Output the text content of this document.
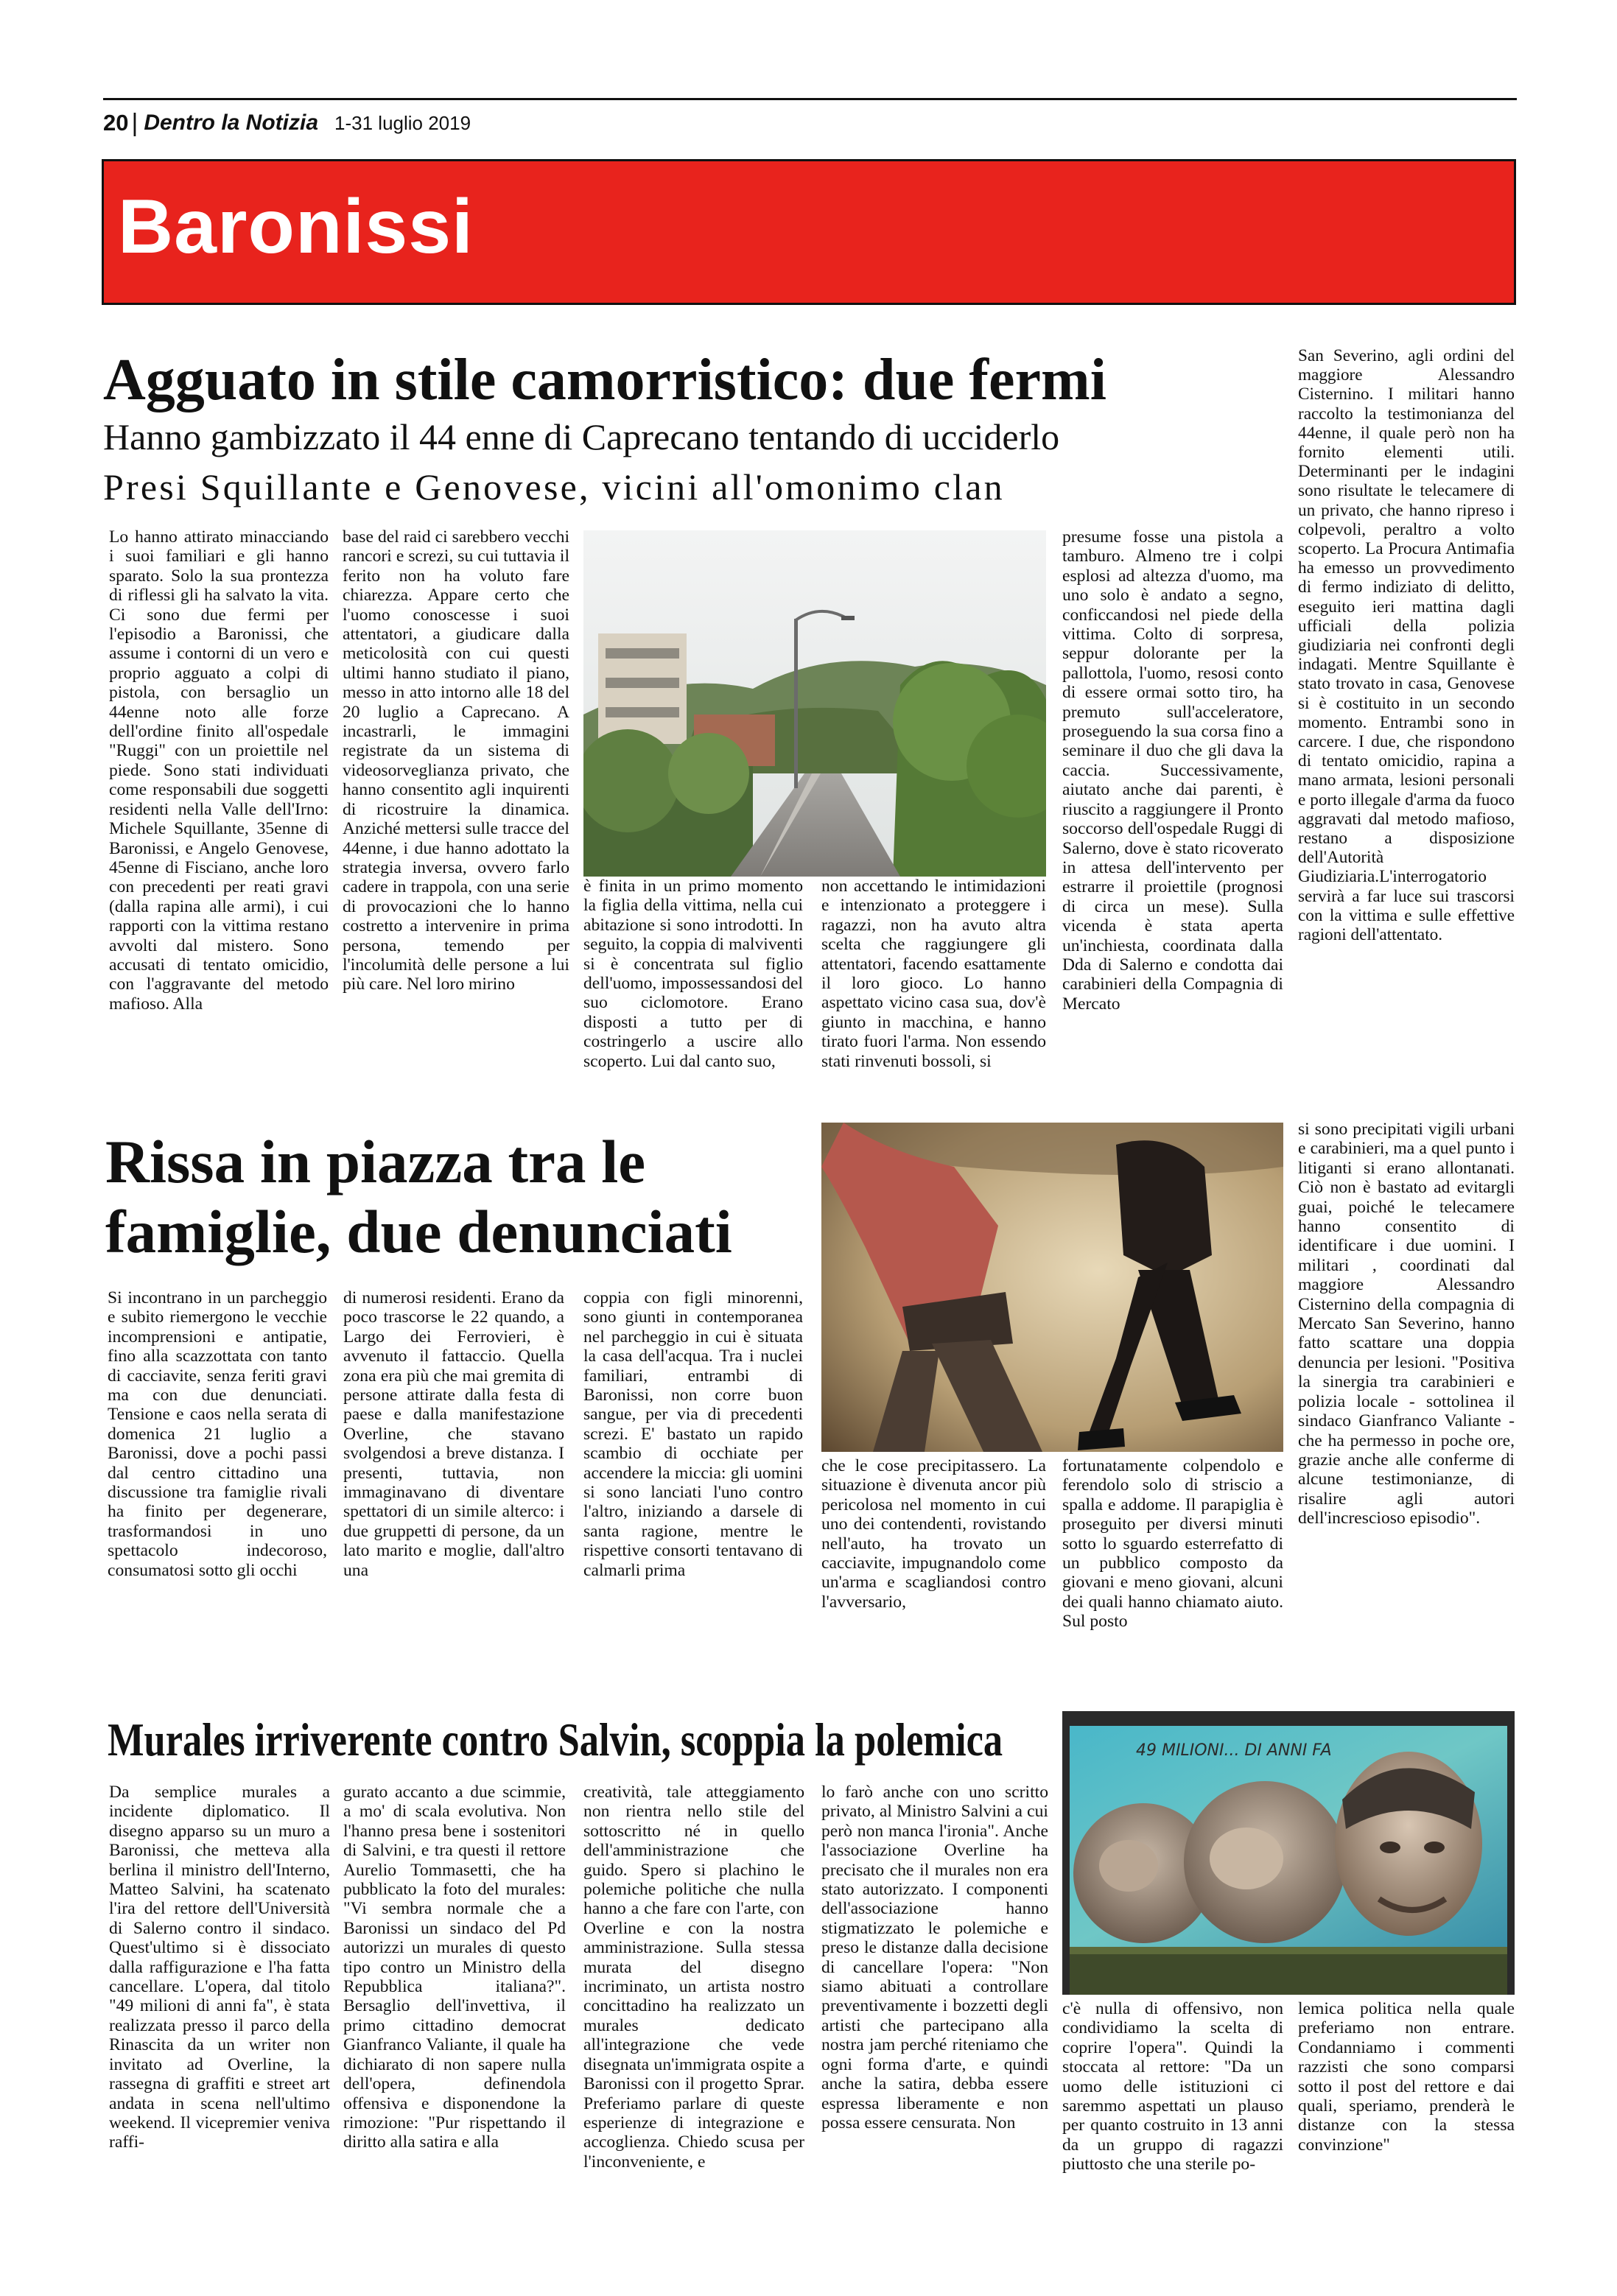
20 | Dentro la Notizia 1-31 luglio 2019
Baronissi
Agguato in stile camorristico: due fermi
Hanno gambizzato il 44 enne di Caprecano tentando di ucciderlo
Presi Squillante e Genovese, vicini all'omonimo clan
Lo hanno attirato minacciando i suoi familiari e gli hanno sparato. Solo la sua prontezza di riflessi gli ha salvato la vita. Ci sono due fermi per l'episodio a Baronissi, che assume i contorni di un vero e proprio agguato a colpi di pistola, con bersaglio un 44enne noto alle forze dell'ordine finito all'ospedale "Ruggi" con un proiettile nel piede. Sono stati individuati come responsabili due soggetti residenti nella Valle dell'Irno: Michele Squillante, 35enne di Baronissi, e Angelo Genovese, 45enne di Fisciano, anche loro con precedenti per reati gravi (dalla rapina alle armi), i cui rapporti con la vittima restano avvolti dal mistero. Sono accusati di tentato omicidio, con l'aggravante del metodo mafioso. Alla
base del raid ci sarebbero vecchi rancori e screzi, su cui tuttavia il ferito non ha voluto fare chiarezza. Appare certo che l'uomo conoscesse i suoi attentatori, a giudicare dalla meticolosità con cui questi ultimi hanno studiato il piano, messo in atto intorno alle 18 del 20 luglio a Caprecano. A incastrarli, le immagini registrate da un sistema di videosorveglianza privato, che hanno consentito agli inquirenti di ricostruire la dinamica. Anziché mettersi sulle tracce del 44enne, i due hanno adottato la strategia inversa, ovvero farlo cadere in trappola, con una serie di provocazioni che lo hanno costretto a intervenire in prima persona, temendo per l'incolumità delle persone a lui più care. Nel loro mirino
è finita in un primo momento la figlia della vittima, nella cui abitazione si sono introdotti. In seguito, la coppia di malviventi si è concentrata sul figlio dell'uomo, impossessandosi del suo ciclomotore. Erano disposti a tutto per di costringerlo a uscire allo scoperto. Lui dal canto suo,
non accettando le intimidazioni e intenzionato a proteggere i ragazzi, non ha avuto altra scelta che raggiungere gli attentatori, facendo esattamente il loro gioco. Lo hanno aspettato vicino casa sua, dov'è giunto in macchina, e hanno tirato fuori l'arma. Non essendo stati rinvenuti bossoli, si
presume fosse una pistola a tamburo. Almeno tre i colpi esplosi ad altezza d'uomo, ma uno solo è andato a segno, conficcandosi nel piede della vittima. Colto di sorpresa, seppur dolorante per la pallottola, l'uomo, resosi conto di essere ormai sotto tiro, ha premuto sull'acceleratore, proseguendo la sua corsa fino a seminare il duo che gli dava la caccia. Successivamente, aiutato anche dai parenti, è riuscito a raggiungere il Pronto soccorso dell'ospedale Ruggi di Salerno, dove è stato ricoverato in attesa dell'intervento per estrarre il proiettile (prognosi di circa un mese). Sulla vicenda è stata aperta un'inchiesta, coordinata dalla Dda di Salerno e condotta dai carabinieri della Compagnia di Mercato
San Severino, agli ordini del maggiore Alessandro Cisternino. I militari hanno raccolto la testimonianza del 44enne, il quale però non ha fornito elementi utili. Determinanti per le indagini sono risultate le telecamere di un privato, che hanno ripreso i colpevoli, peraltro a volto scoperto. La Procura Antimafia ha emesso un provvedimento di fermo indiziato di delitto, eseguito ieri mattina dagli ufficiali della polizia giudiziaria nei confronti degli indagati. Mentre Squillante è stato trovato in casa, Genovese si è costituito in un secondo momento. Entrambi sono in carcere. I due, che rispondono di tentato omicidio, rapina a mano armata, lesioni personali e porto illegale d'arma da fuoco aggravati dal metodo mafioso, restano a disposizione dell'Autorità Giudiziaria.L'interrogatorio servirà a far luce sui trascorsi con la vittima e sulle effettive ragioni dell'attentato.
Rissa in piazza tra le famiglie, due denunciati
Si incontrano in un parcheggio e subito riemergono le vecchie incomprensioni e antipatie, fino alla scazzottata con tanto di cacciavite, senza feriti gravi ma con due denunciati. Tensione e caos nella serata di domenica 21 luglio a Baronissi, dove a pochi passi dal centro cittadino una discussione tra famiglie rivali ha finito per degenerare, trasformandosi in uno spettacolo indecoroso, consumatosi sotto gli occhi
di numerosi residenti. Erano da poco trascorse le 22 quando, a Largo dei Ferrovieri, è avvenuto il fattaccio. Quella zona era più che mai gremita di persone attirate dalla festa di paese e dalla manifestazione Overline, che stavano svolgendosi a breve distanza. I presenti, tuttavia, non immaginavano di diventare spettatori di un simile alterco: i due gruppetti di persone, da un lato marito e moglie, dall'altro una
coppia con figli minorenni, sono giunti in contemporanea nel parcheggio in cui è situata la casa dell'acqua. Tra i nuclei familiari, entrambi di Baronissi, non corre buon sangue, per via di precedenti screzi. E' bastato un rapido scambio di occhiate per accendere la miccia: gli uomini si sono lanciati l'uno contro l'altro, iniziando a darsele di santa ragione, mentre le rispettive consorti tentavano di calmarli prima
che le cose precipitassero. La situazione è divenuta ancor più pericolosa nel momento in cui uno dei contendenti, rovistando nell'auto, ha trovato un cacciavite, impugnandolo come un'arma e scagliandosi contro l'avversario,
fortunatamente colpendolo e ferendolo solo di striscio a spalla e addome. Il parapiglia è proseguito per diversi minuti sotto lo sguardo esterrefatto di un pubblico composto da giovani e meno giovani, alcuni dei quali hanno chiamato aiuto. Sul posto
si sono precipitati vigili urbani e carabinieri, ma a quel punto i litiganti si erano allontanati. Ciò non è bastato ad evitargli guai, poiché le telecamere hanno consentito di identificare i due uomini. I militari , coordinati dal maggiore Alessandro Cisternino della compagnia di Mercato San Severino, hanno fatto scattare una doppia denuncia per lesioni. "Positiva la sinergia tra carabinieri e polizia locale - sottolinea il sindaco Gianfranco Valiante - che ha permesso in poche ore, grazie anche alle conferme di alcune testimonianze, di risalire agli autori dell'increscioso episodio".
Murales irriverente contro Salvin, scoppia la polemica
Da semplice murales a incidente diplomatico. Il disegno apparso su un muro a Baronissi, che metteva alla berlina il ministro dell'Interno, Matteo Salvini, ha scatenato l'ira del rettore dell'Università di Salerno contro il sindaco. Quest'ultimo si è dissociato dalla raffigurazione e l'ha fatta cancellare. L'opera, dal titolo "49 milioni di anni fa", è stata realizzata presso il parco della Rinascita da un writer non invitato ad Overline, la rassegna di graffiti e street art andata in scena nell'ultimo weekend. Il vicepremier veniva raffi-
gurato accanto a due scimmie, a mo' di scala evolutiva. Non l'hanno presa bene i sostenitori di Salvini, e tra questi il rettore Aurelio Tommasetti, che ha pubblicato la foto del murales: "Vi sembra normale che a Baronissi un sindaco del Pd autorizzi un murales di questo tipo contro un Ministro della Repubblica italiana?". Bersaglio dell'invettiva, il primo cittadino democrat Gianfranco Valiante, il quale ha dichiarato di non sapere nulla dell'opera, definendola offensiva e disponendone la rimozione: "Pur rispettando il diritto alla satira e alla
creatività, tale atteggiamento non rientra nello stile del sottoscritto né in quello dell'amministrazione che guido. Spero si plachino le polemiche politiche che nulla hanno a che fare con l'arte, con Overline e con la nostra amministrazione. Sulla stessa murata del disegno incriminato, un artista nostro concittadino ha realizzato un murales dedicato all'integrazione che vede disegnata un'immigrata ospite a Baronissi con il progetto Sprar. Preferiamo parlare di queste esperienze di integrazione e accoglienza. Chiedo scusa per l'inconveniente, e
lo farò anche con uno scritto privato, al Ministro Salvini a cui però non manca l'ironia". Anche l'associazione Overline ha precisato che il murales non era stato autorizzato. I componenti dell'associazione hanno stigmatizzato le polemiche e preso le distanze dalla decisione di cancellare l'opera: "Non siamo abituati a controllare preventivamente i bozzetti degli artisti che partecipano alla nostra jam perché riteniamo che ogni forma d'arte, e quindi anche la satira, debba essere espressa liberamente e non possa essere censurata. Non
49 MILIONI... DI ANNI FA
c'è nulla di offensivo, non condividiamo la scelta di coprire l'opera". Quindi la stoccata al rettore: "Da un uomo delle istituzioni ci saremmo aspettati un plauso per quanto costruito in 13 anni da un gruppo di ragazzi piuttosto che una sterile po-
lemica politica nella quale preferiamo non entrare. Condanniamo i commenti razzisti che sono comparsi sotto il post del rettore e dai quali, speriamo, prenderà le distanze con la stessa convinzione"
